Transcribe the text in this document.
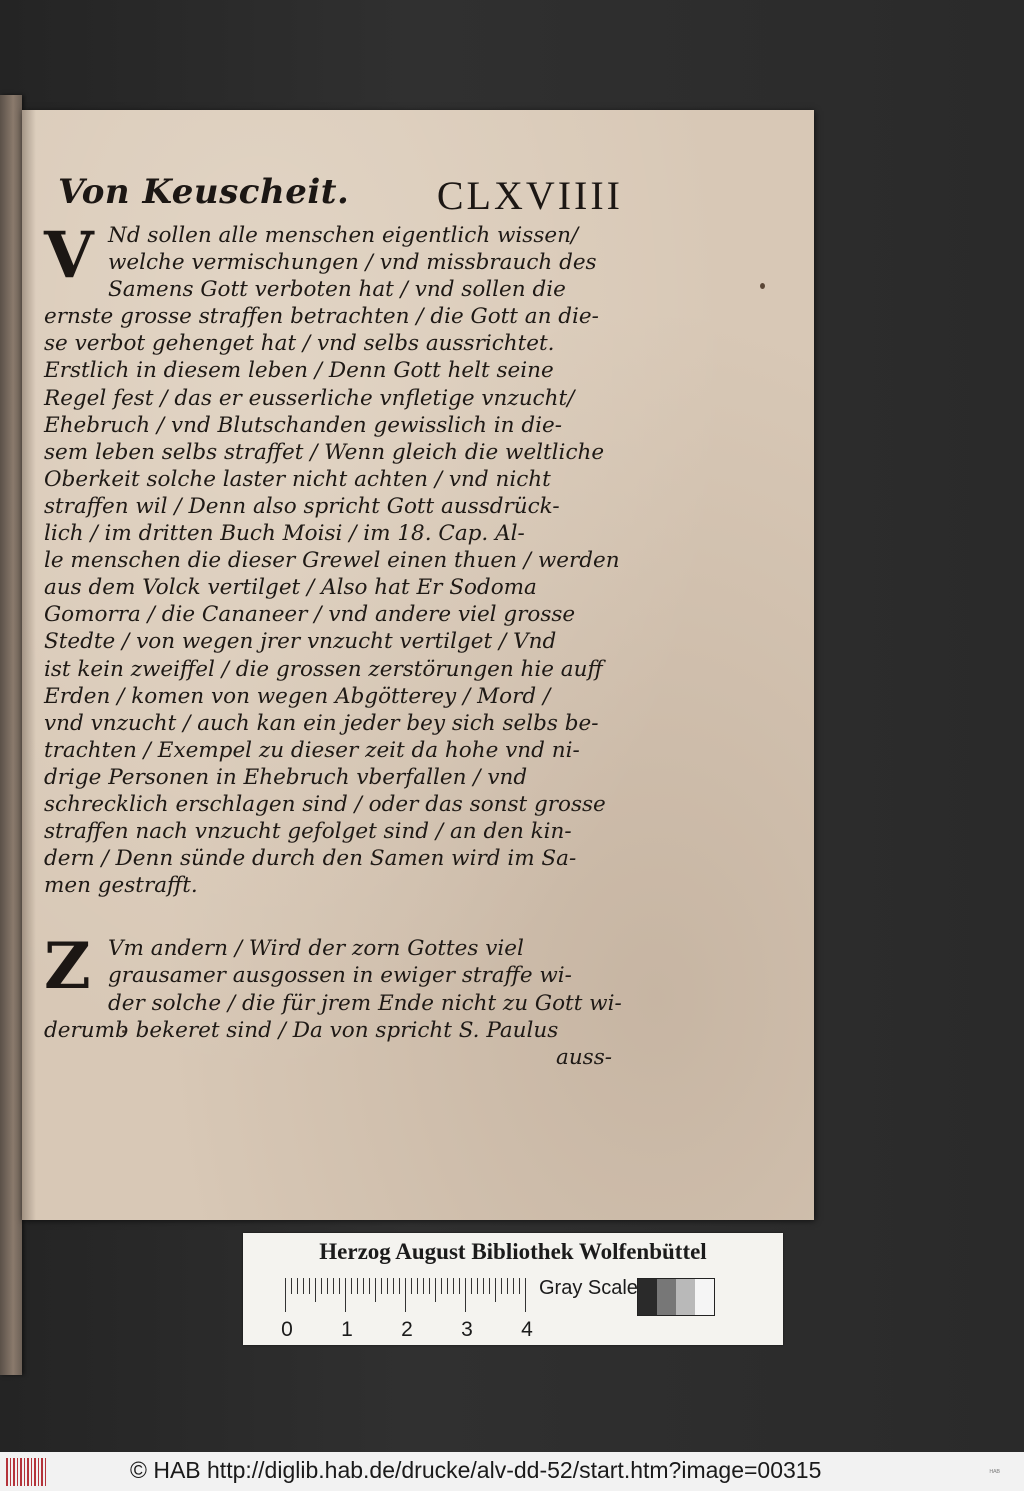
Von Keuscheit. CLXVIIII
V
Z
Nd sollen alle menschen eigentlich wissen/
welche vermischungen / vnd missbrauch des
Samens Gott verboten hat / vnd sollen die
ernste grosse straffen betrachten / die Gott an die-
se verbot gehenget hat / vnd selbs aussrichtet.
Erstlich in diesem leben / Denn Gott helt seine
Regel fest / das er eusserliche vnfletige vnzucht/
Ehebruch / vnd Blutschanden gewisslich in die-
sem leben selbs straffet / Wenn gleich die weltliche
Oberkeit solche laster nicht achten / vnd nicht
straffen wil / Denn also spricht Gott aussdrück-
lich / im dritten Buch Moisi / im 18. Cap. Al-
le menschen die dieser Grewel einen thuen / werden
aus dem Volck vertilget / Also hat Er Sodoma
Gomorra / die Cananeer / vnd andere viel grosse
Stedte / von wegen jrer vnzucht vertilget / Vnd
ist kein zweiffel / die grossen zerstörungen hie auff
Erden / komen von wegen Abgötterey / Mord /
vnd vnzucht / auch kan ein jeder bey sich selbs be-
trachten / Exempel zu dieser zeit da hohe vnd ni-
drige Personen in Ehebruch vberfallen / vnd
schrecklich erschlagen sind / oder das sonst grosse
straffen nach vnzucht gefolget sind / an den kin-
dern / Denn sünde durch den Samen wird im Sa-
men gestrafft.
Vm andern / Wird der zorn Gottes viel
grausamer ausgossen in ewiger straffe wi-
der solche / die für jrem Ende nicht zu Gott wi-
derumb bekeret sind / Da von spricht S. Paulus
auss-
Herzog August Bibliothek Wolfenbüttel
0 1 2 3 4
Gray Scale
© HAB http://diglib.hab.de/drucke/alv-dd-52/start.htm?image=00315	ᴴᴬᴮ
